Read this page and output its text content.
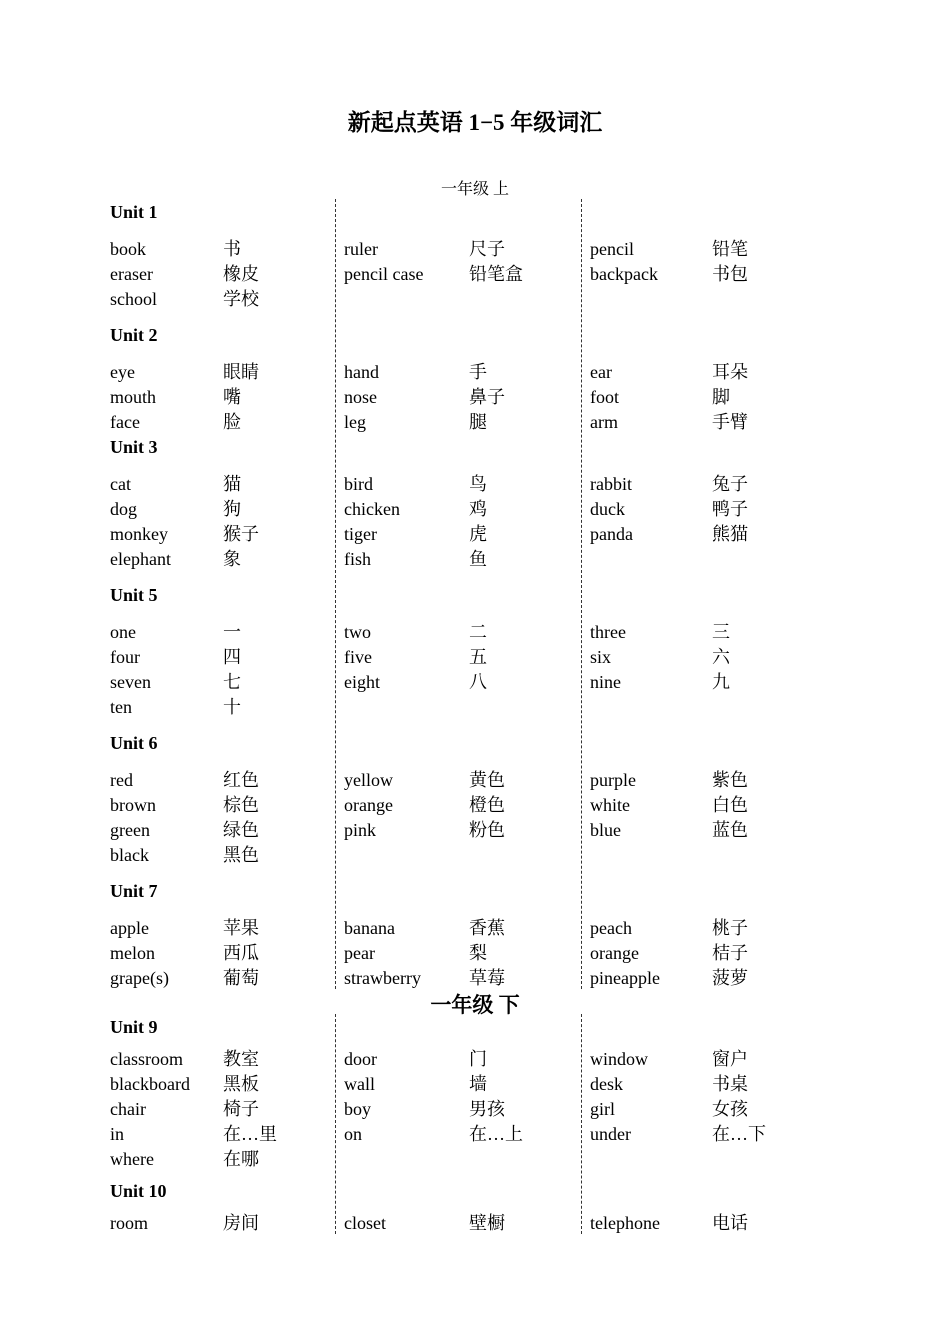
新起点英语 1−5 年级词汇
一年级 上
Unit 1
book	书	ruler	尺子	pencil	铅笔
eraser	橡皮	pencil case	铅笔盒	backpack	书包
school	学校
Unit 2
eye	眼睛	hand	手	ear	耳朵
mouth	嘴	nose	鼻子	foot	脚
face	脸	leg	腿	arm	手臂
Unit 3
cat	猫	bird	鸟	rabbit	兔子
dog	狗	chicken	鸡	duck	鸭子
monkey	猴子	tiger	虎	panda	熊猫
elephant	象	fish	鱼
Unit 5
one	一	two	二	three	三
four	四	five	五	six	六
seven	七	eight	八	nine	九
ten	十
Unit 6
red	红色	yellow	黄色	purple	紫色
brown	棕色	orange	橙色	white	白色
green	绿色	pink	粉色	blue	蓝色
black	黑色
Unit 7
apple	苹果	banana	香蕉	peach	桃子
melon	西瓜	pear	梨	orange	桔子
grape(s)	葡萄	strawberry	草莓	pineapple	菠萝
一年级 下
Unit 9
classroom 教室	door	门	window	窗户
blackboard 黑板	wall	墙	desk	书桌
chair	椅子	boy	男孩	girl	女孩
in	在…里	on	在…上	under	在…下
where	在哪
Unit 10
room	房间	closet	壁橱	telephone	电话
